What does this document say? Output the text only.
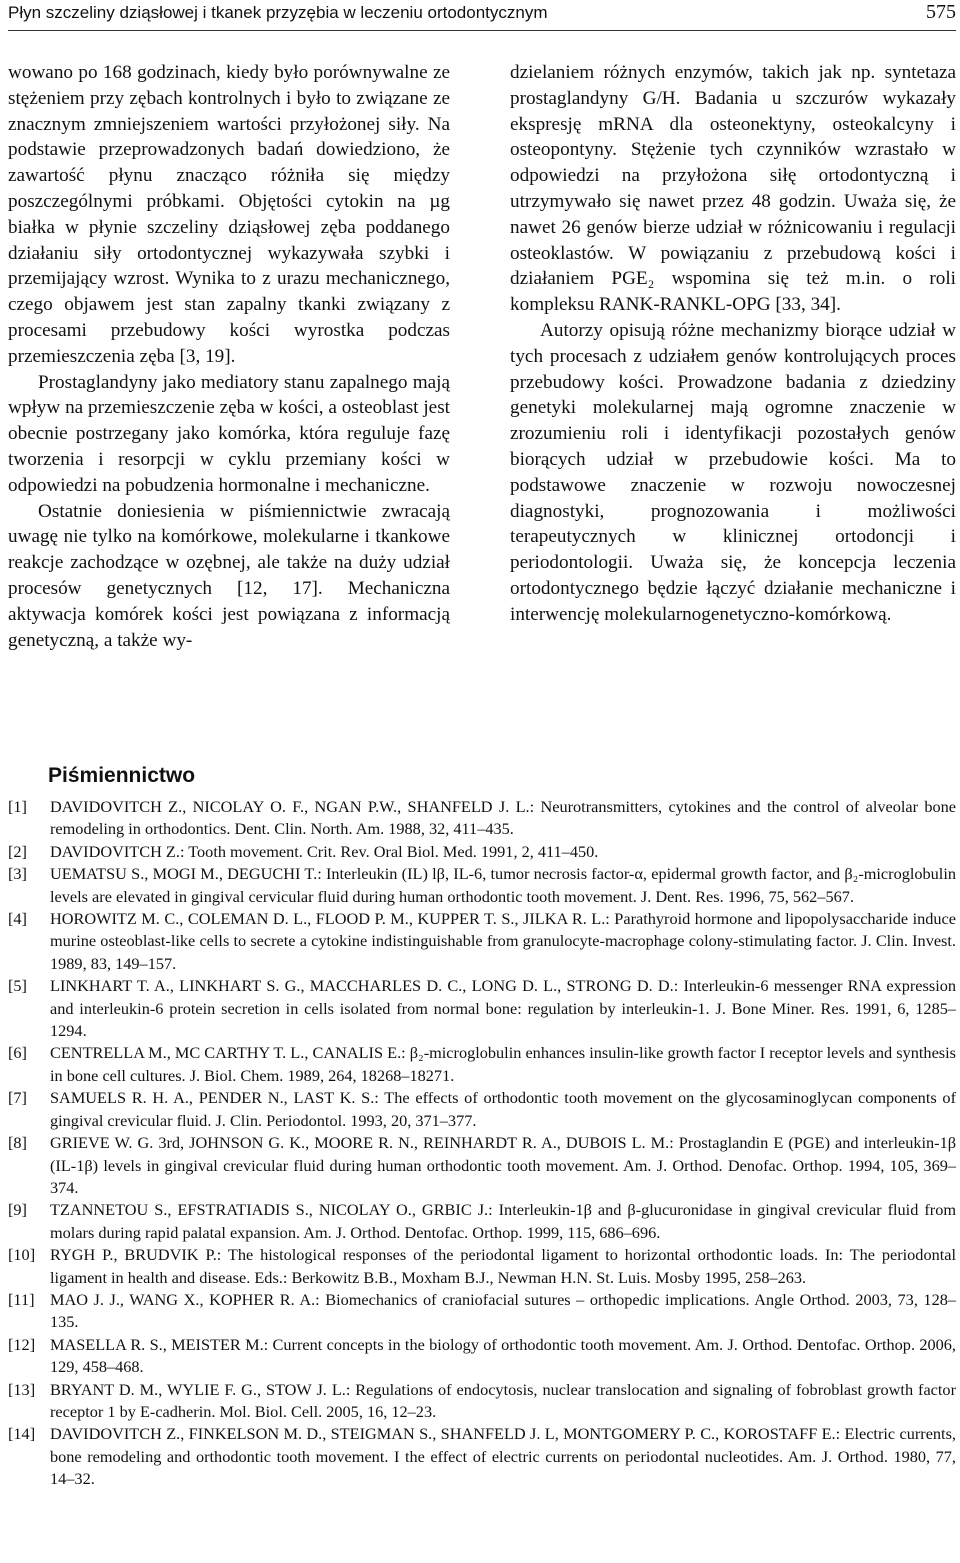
Płyn szczeliny dziąsłowej i tkanek przyzębia w leczeniu ortodontycznym	575

wowano po 168 godzinach, kiedy było porównywalne ze stężeniem przy zębach kontrolnych i było to związane ze znacznym zmniejszeniem wartości przyłożonej siły. Na podstawie przeprowadzonych badań dowiedziono, że zawartość płynu znacząco różniła się między poszczególnymi próbkami. Objętości cytokin na µg białka w płynie szczeliny dziąsłowej zęba poddanego działaniu siły ortodontycznej wykazywała szybki i przemijający wzrost. Wynika to z urazu mechanicznego, czego objawem jest stan zapalny tkanki związany z procesami przebudowy kości wyrostka podczas przemieszczenia zęba [3, 19].

Prostaglandyny jako mediatory stanu zapalnego mają wpływ na przemieszczenie zęba w kości, a osteoblast jest obecnie postrzegany jako komórka, która reguluje fazę tworzenia i resorpcji w cyklu przemiany kości w odpowiedzi na pobudzenia hormonalne i mechaniczne.

Ostatnie doniesienia w piśmiennictwie zwracają uwagę nie tylko na komórkowe, molekularne i tkankowe reakcje zachodzące w ozębnej, ale także na duży udział procesów genetycznych [12, 17]. Mechaniczna aktywacja komórek kości jest powiązana z informacją genetyczną, a także wy-

dzielaniem różnych enzymów, takich jak np. syntetaza prostaglandyny G/H. Badania u szczurów wykazały ekspresję mRNA dla osteonektyny, osteokalcyny i osteopontyny. Stężenie tych czynników wzrastało w odpowiedzi na przyłożona siłę ortodontyczną i utrzymywało się nawet przez 48 godzin. Uważa się, że nawet 26 genów bierze udział w różnicowaniu i regulacji osteoklastów. W powiązaniu z przebudową kości i działaniem PGE₂ wspomina się też m.in. o roli kompleksu RANK-RANKL-OPG [33, 34].

Autorzy opisują różne mechanizmy biorące udział w tych procesach z udziałem genów kontrolujących proces przebudowy kości. Prowadzone badania z dziedziny genetyki molekularnej mają ogromne znaczenie w zrozumieniu roli i identyfikacji pozostałych genów biorących udział w przebudowie kości. Ma to podstawowe znaczenie w rozwoju nowoczesnej diagnostyki, prognozowania i możliwości terapeutycznych w klinicznej ortodoncji i periodontologii. Uważa się, że koncepcja leczenia ortodontycznego będzie łączyć działanie mechaniczne i interwencję molekularnogenetyczno-komórkową.

Piśmiennictwo
[1]	DAVIDOVITCH Z., NICOLAY O. F., NGAN P.W., SHANFELD J. L.: Neurotransmitters, cytokines and the control of alveolar bone remodeling in orthodontics. Dent. Clin. North. Am. 1988, 32, 411–435.
[2]	DAVIDOVITCH Z.: Tooth movement. Crit. Rev. Oral Biol. Med. 1991, 2, 411–450.
[3]	UEMATSU S., MOGI M., DEGUCHI T.: Interleukin (IL) lβ, IL-6, tumor necrosis factor-α, epidermal growth factor, and β₂-microglobulin levels are elevated in gingival cervicular fluid during human orthodontic tooth movement. J. Dent. Res. 1996, 75, 562–567.
[4]	HOROWITZ M. C., COLEMAN D. L., FLOOD P. M., KUPPER T. S., JILKA R. L.: Parathyroid hormone and lipopolysaccharide induce murine osteoblast-like cells to secrete a cytokine indistinguishable from granulocyte-macrophage colony-stimulating factor. J. Clin. Invest. 1989, 83, 149–157.
[5]	LINKHART T. A., LINKHART S. G., MACCHARLES D. C., LONG D. L., STRONG D. D.: Interleukin-6 messenger RNA expression and interleukin-6 protein secretion in cells isolated from normal bone: regulation by interleukin-1. J. Bone Miner. Res. 1991, 6, 1285–1294.
[6]	CENTRELLA M., MC CARTHY T. L., CANALIS E.: β₂-microglobulin enhances insulin-like growth factor I receptor levels and synthesis in bone cell cultures. J. Biol. Chem. 1989, 264, 18268–18271.
[7]	SAMUELS R. H. A., PENDER N., LAST K. S.: The effects of orthodontic tooth movement on the glycosaminoglycan components of gingival crevicular fluid. J. Clin. Periodontol. 1993, 20, 371–377.
[8]	GRIEVE W. G. 3rd, JOHNSON G. K., MOORE R. N., REINHARDT R. A., DUBOIS L. M.: Prostaglandin E (PGE) and interleukin-1β (IL-1β) levels in gingival crevicular fluid during human orthodontic tooth movement. Am. J. Orthod. Denofac. Orthop. 1994, 105, 369–374.
[9]	TZANNETOU S., EFSTRATIADIS S., NICOLAY O., GRBIC J.: Interleukin-1β and β-glucuronidase in gingival crevicular fluid from molars during rapid palatal expansion. Am. J. Orthod. Dentofac. Orthop. 1999, 115, 686–696.
[10] RYGH P., BRUDVIK P.: The histological responses of the periodontal ligament to horizontal orthodontic loads. In: The periodontal ligament in health and disease. Eds.: Berkowitz B.B., Moxham B.J., Newman H.N. St. Luis. Mosby 1995, 258–263.
[11] MAO J. J., WANG X., KOPHER R. A.: Biomechanics of craniofacial sutures – orthopedic implications. Angle Orthod. 2003, 73, 128–135.
[12] MASELLA R. S., MEISTER M.: Current concepts in the biology of orthodontic tooth movement. Am. J. Orthod. Dentofac. Orthop. 2006, 129, 458–468.
[13] BRYANT D. M., WYLIE F. G., STOW J. L.: Regulations of endocytosis, nuclear translocation and signaling of fobroblast growth factor receptor 1 by E-cadherin. Mol. Biol. Cell. 2005, 16, 12–23.
[14] DAVIDOVITCH Z., FINKELSON M. D., STEIGMAN S., SHANFELD J. L, MONTGOMERY P. C., KOROSTAFF E.: Electric currents, bone remodeling and orthodontic tooth movement. I the effect of electric currents on periodontal nucleotides. Am. J. Orthod. 1980, 77, 14–32.
